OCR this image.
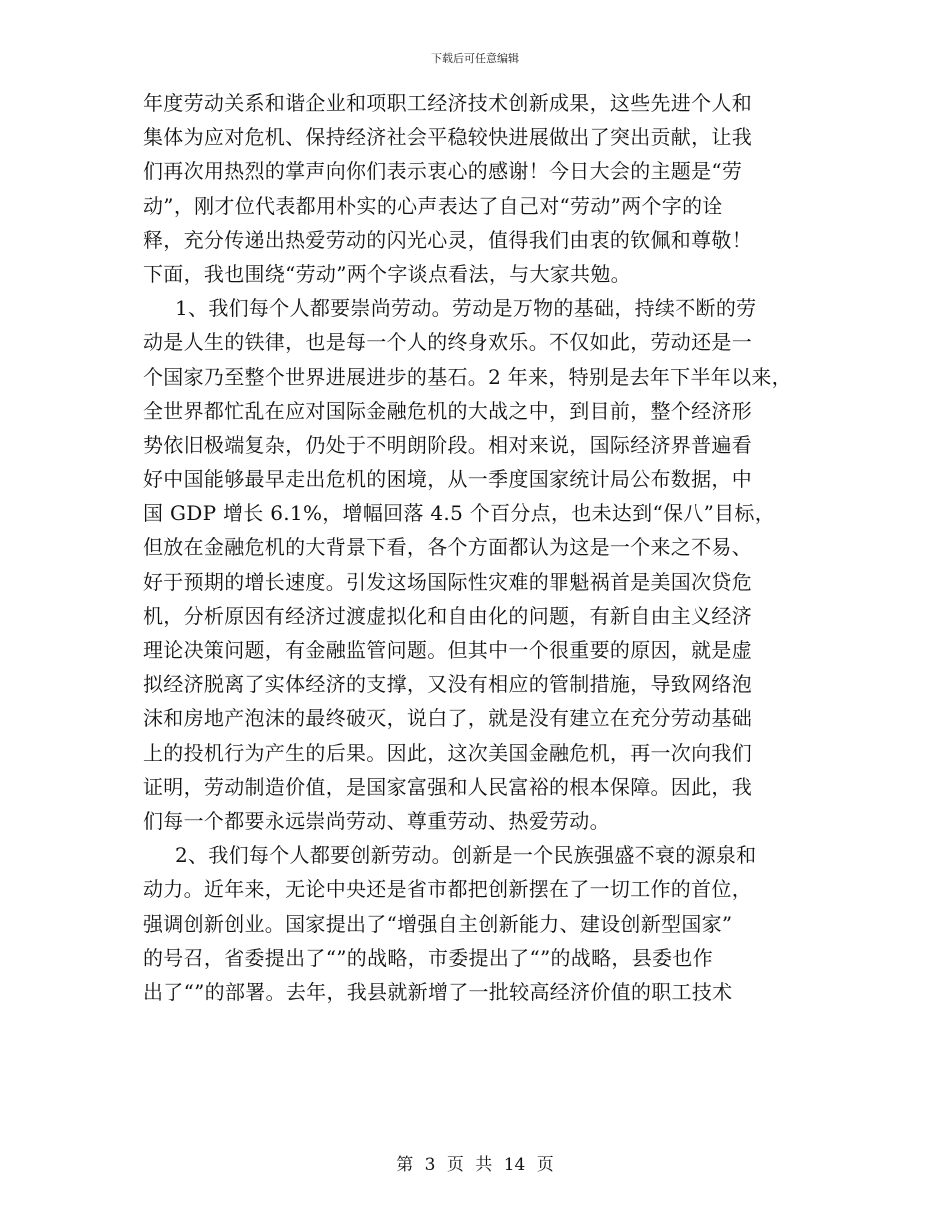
下载后可任意编辑
年度劳动关系和谐企业和项职工经济技术创新成果，这些先进个人和
集体为应对危机、保持经济社会平稳较快进展做出了突出贡献，让我
们再次用热烈的掌声向你们表示衷心的感谢！今日大会的主题是“劳
动”，刚才位代表都用朴实的心声表达了自己对“劳动”两个字的诠
释，充分传递出热爱劳动的闪光心灵，值得我们由衷的钦佩和尊敬！
下面，我也围绕“劳动”两个字谈点看法，与大家共勉。
1、我们每个人都要崇尚劳动。劳动是万物的基础，持续不断的劳
动是人生的铁律，也是每一个人的终身欢乐。不仅如此，劳动还是一
个国家乃至整个世界进展进步的基石。2 年来，特别是去年下半年以来，
全世界都忙乱在应对国际金融危机的大战之中，到目前，整个经济形
势依旧极端复杂，仍处于不明朗阶段。相对来说，国际经济界普遍看
好中国能够最早走出危机的困境，从一季度国家统计局公布数据，中
国 GDP 增长 6.1%，增幅回落 4.5 个百分点，也未达到“保八”目标，
但放在金融危机的大背景下看，各个方面都认为这是一个来之不易、
好于预期的增长速度。引发这场国际性灾难的罪魁祸首是美国次贷危
机，分析原因有经济过渡虚拟化和自由化的问题，有新自由主义经济
理论决策问题，有金融监管问题。但其中一个很重要的原因，就是虚
拟经济脱离了实体经济的支撑，又没有相应的管制措施，导致网络泡
沫和房地产泡沫的最终破灭，说白了，就是没有建立在充分劳动基础
上的投机行为产生的后果。因此，这次美国金融危机，再一次向我们
证明，劳动制造价值，是国家富强和人民富裕的根本保障。因此，我
们每一个都要永远崇尚劳动、尊重劳动、热爱劳动。
2、我们每个人都要创新劳动。创新是一个民族强盛不衰的源泉和
动力。近年来，无论中央还是省市都把创新摆在了一切工作的首位，
强调创新创业。国家提出了“增强自主创新能力、建设创新型国家”
的号召，省委提出了“”的战略，市委提出了“”的战略，县委也作
出了“”的部署。去年，我县就新增了一批较高经济价值的职工技术
第 3 页 共 14 页
